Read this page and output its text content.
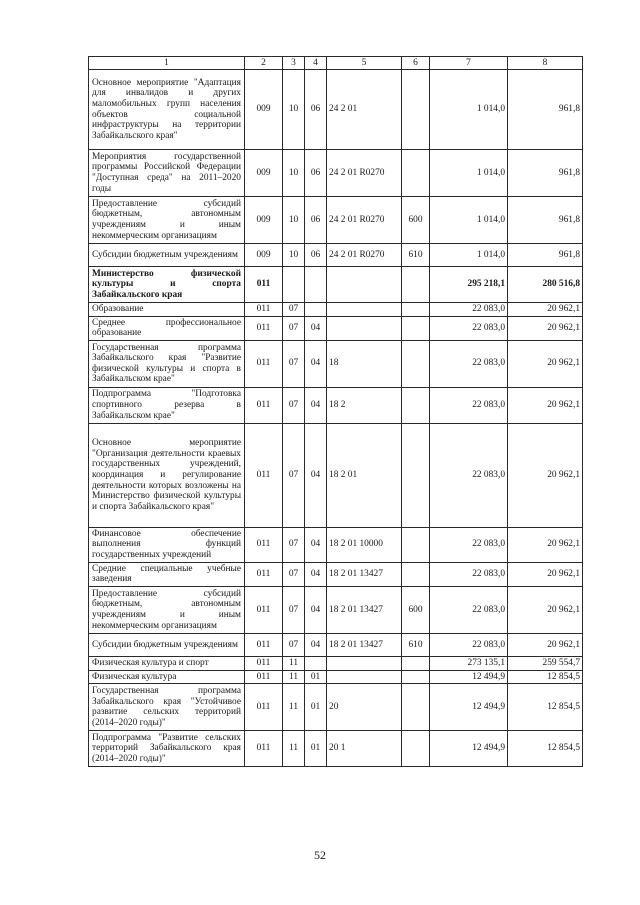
1	2	3	4	5	6	7	8
Основное мероприятие "Адаптация для инвалидов и других маломобильных групп населения объектов социальной инфраструктуры на территории Забайкальского края"	009	10	06	24 2 01		1 014,0	961,8
Мероприятия государственной программы Российской Федерации "Доступная среда" на 2011–2020 годы	009	10	06	24 2 01 R0270		1 014,0	961,8
Предоставление субсидий бюджетным, автономным учреждениям и иным некоммерческим организациям	009	10	06	24 2 01 R0270	600	1 014,0	961,8
Субсидии бюджетным учреждениям	009	10	06	24 2 01 R0270	610	1 014,0	961,8
Министерство физической культуры и спорта Забайкальского края	011					295 218,1	280 516,8
Образование	011	07				22 083,0	20 962,1
Среднее профессиональное образование	011	07	04			22 083,0	20 962,1
Государственная программа Забайкальского края "Развитие физической культуры и спорта в Забайкальском крае"	011	07	04	18		22 083,0	20 962,1
Подпрограмма "Подготовка спортивного резерва в Забайкальском крае"	011	07	04	18 2		22 083,0	20 962,1
Основное мероприятие "Организация деятельности краевых государственных учреждений, координация и регулирование деятельности которых возложены на Министерство физической культуры и спорта Забайкальского края"	011	07	04	18 2 01		22 083,0	20 962,1
Финансовое обеспечение выполнения функций государственных учреждений	011	07	04	18 2 01 10000		22 083,0	20 962,1
Средние специальные учебные заведения	011	07	04	18 2 01 13427		22 083,0	20 962,1
Предоставление субсидий бюджетным, автономным учреждениям и иным некоммерческим организациям	011	07	04	18 2 01 13427	600	22 083,0	20 962,1
Субсидии бюджетным учреждениям	011	07	04	18 2 01 13427	610	22 083,0	20 962,1
Физическая культура и спорт	011	11				273 135,1	259 554,7
Физическая культура	011	11	01			12 494,9	12 854,5
Государственная программа Забайкальского края "Устойчивое развитие сельских территорий (2014–2020 годы)"	011	11	01	20		12 494,9	12 854,5
Подпрограмма "Развитие сельских территорий Забайкальского края (2014–2020 годы)"	011	11	01	20 1		12 494,9	12 854,5
52
